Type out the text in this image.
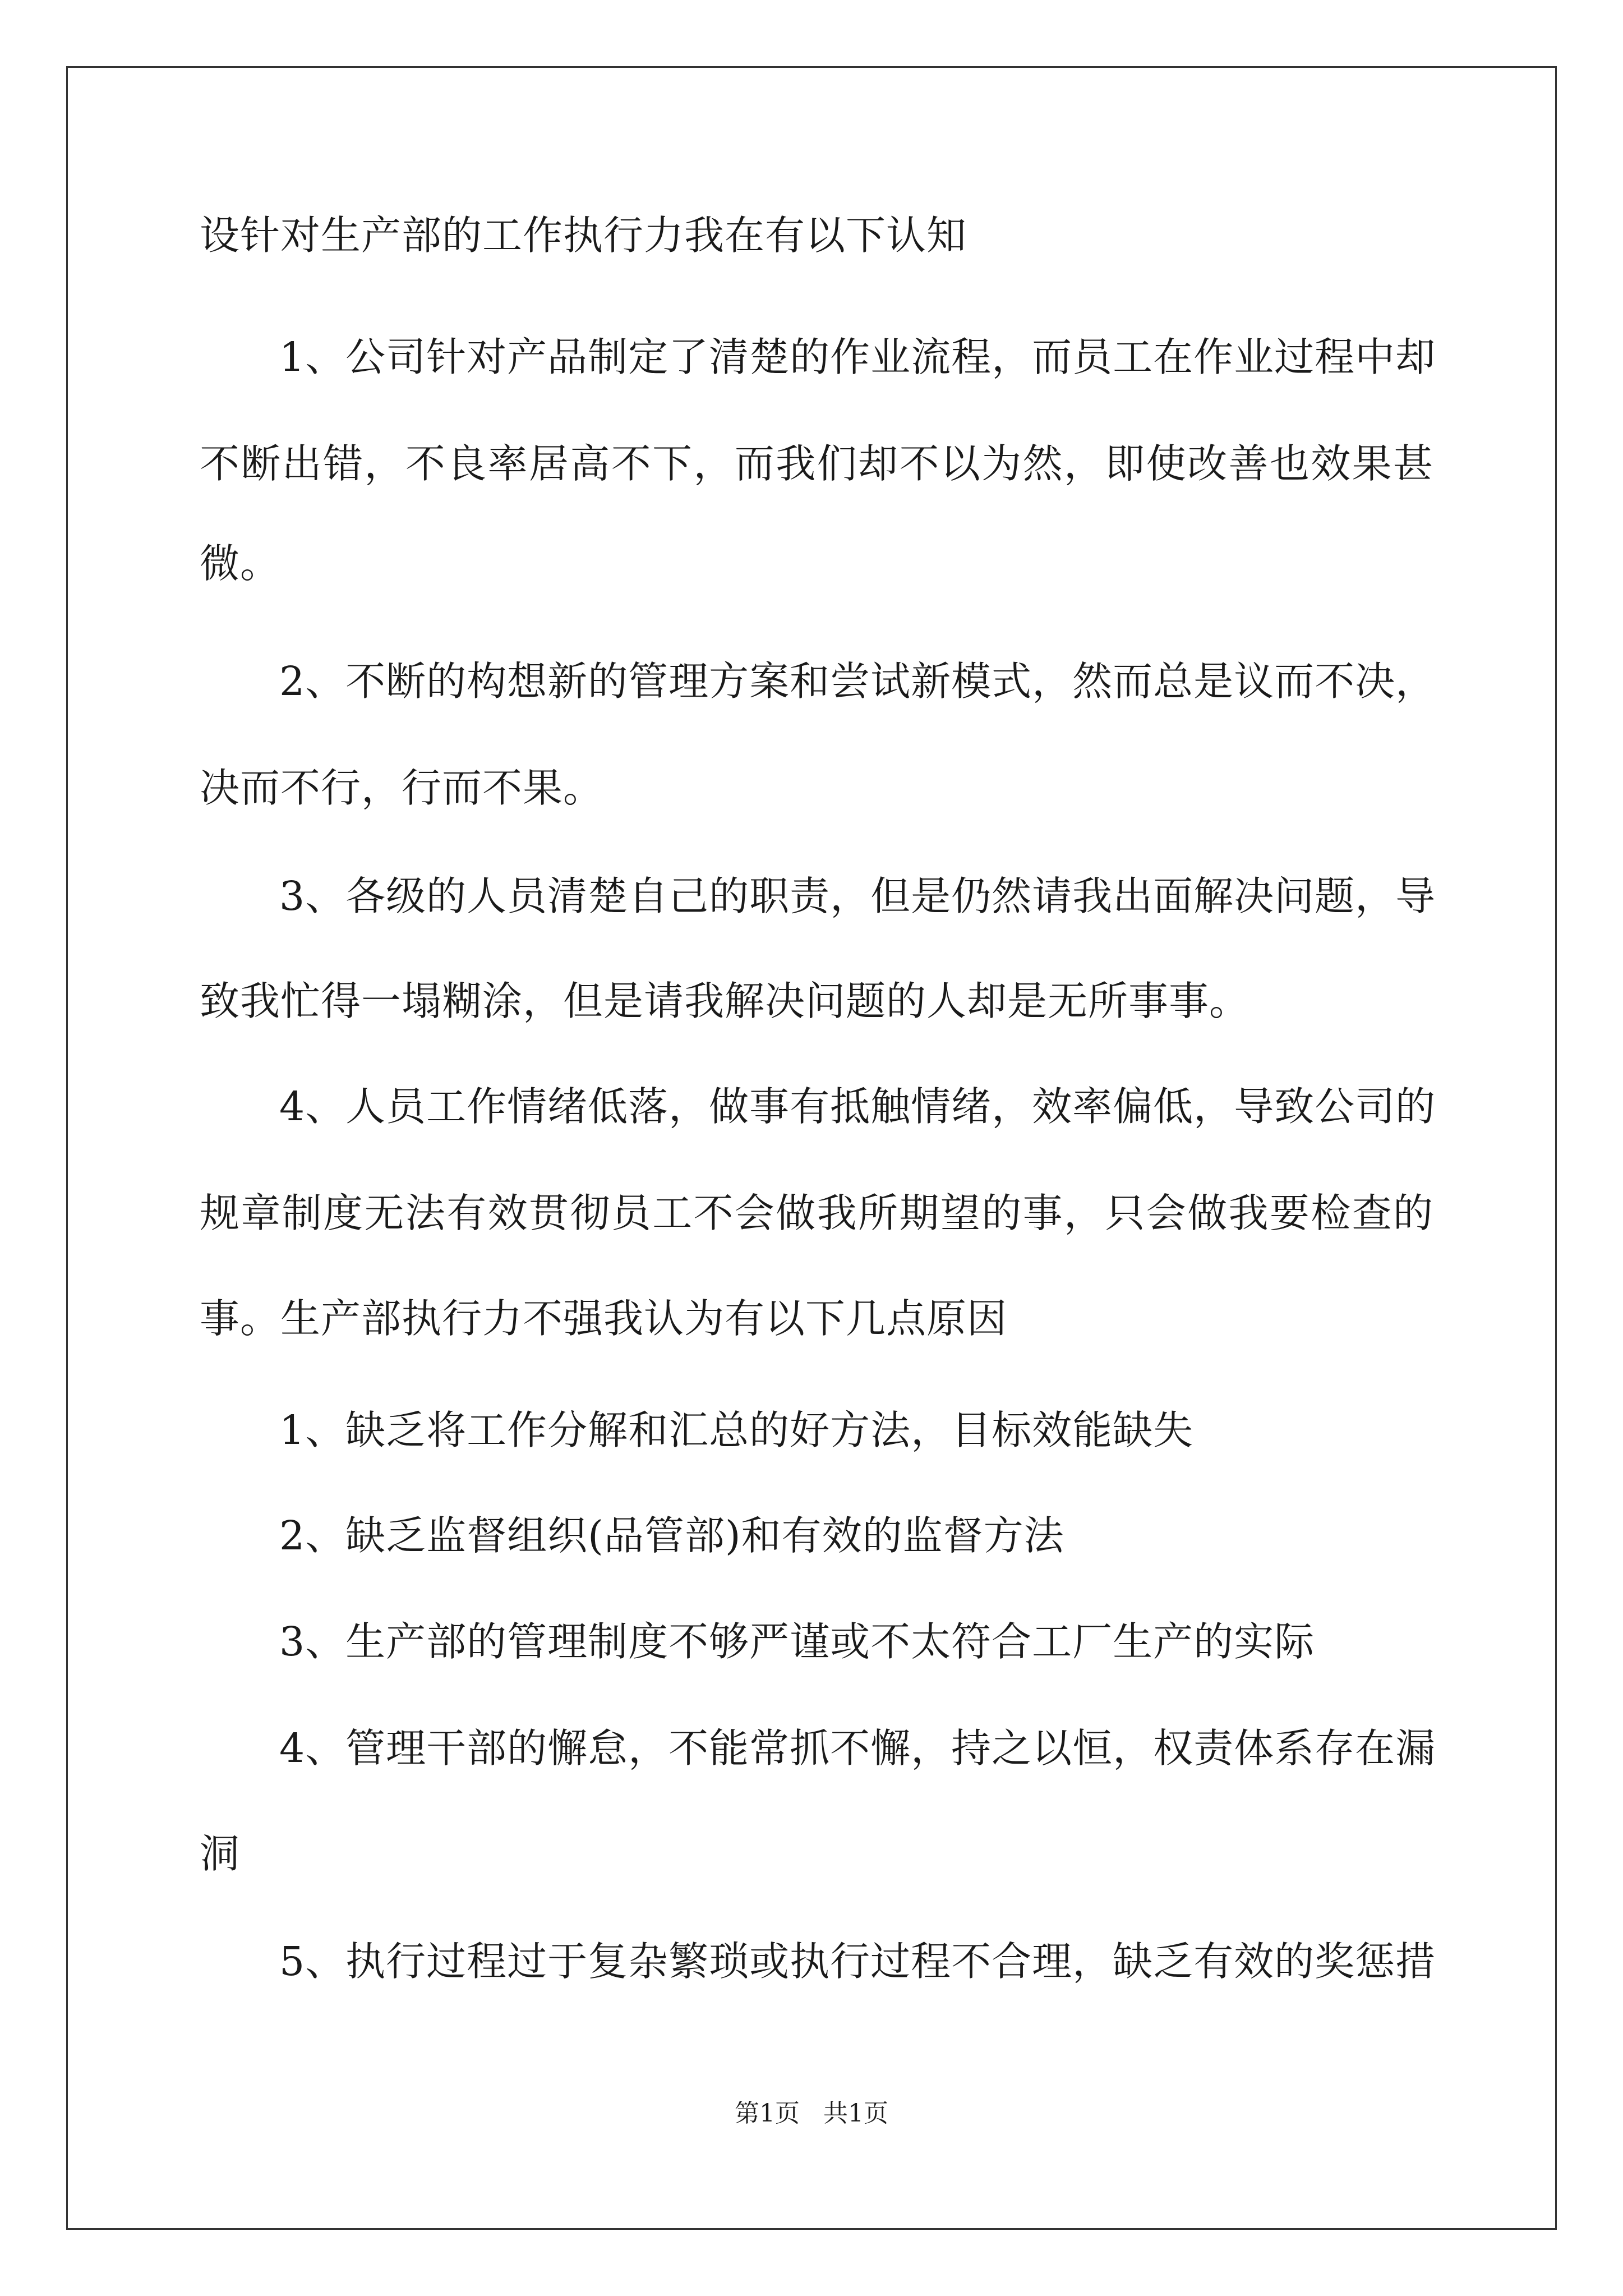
设针对生产部的工作执行力我在有以下认知
1、公司针对产品制定了清楚的作业流程，而员工在作业过程中却
不断出错，不良率居高不下，而我们却不以为然，即使改善也效果甚
微。
2、不断的构想新的管理方案和尝试新模式，然而总是议而不决，
决而不行，行而不果。
3、各级的人员清楚自己的职责，但是仍然请我出面解决问题，导
致我忙得一塌糊涂，但是请我解决问题的人却是无所事事。
4、人员工作情绪低落，做事有抵触情绪，效率偏低，导致公司的
规章制度无法有效贯彻员工不会做我所期望的事，只会做我要检查的
事。生产部执行力不强我认为有以下几点原因
1、缺乏将工作分解和汇总的好方法，目标效能缺失
2、缺乏监督组织(品管部)和有效的监督方法
3、生产部的管理制度不够严谨或不太符合工厂生产的实际
4、管理干部的懈怠，不能常抓不懈，持之以恒，权责体系存在漏
洞
5、执行过程过于复杂繁琐或执行过程不合理，缺乏有效的奖惩措
第1页 共1页
